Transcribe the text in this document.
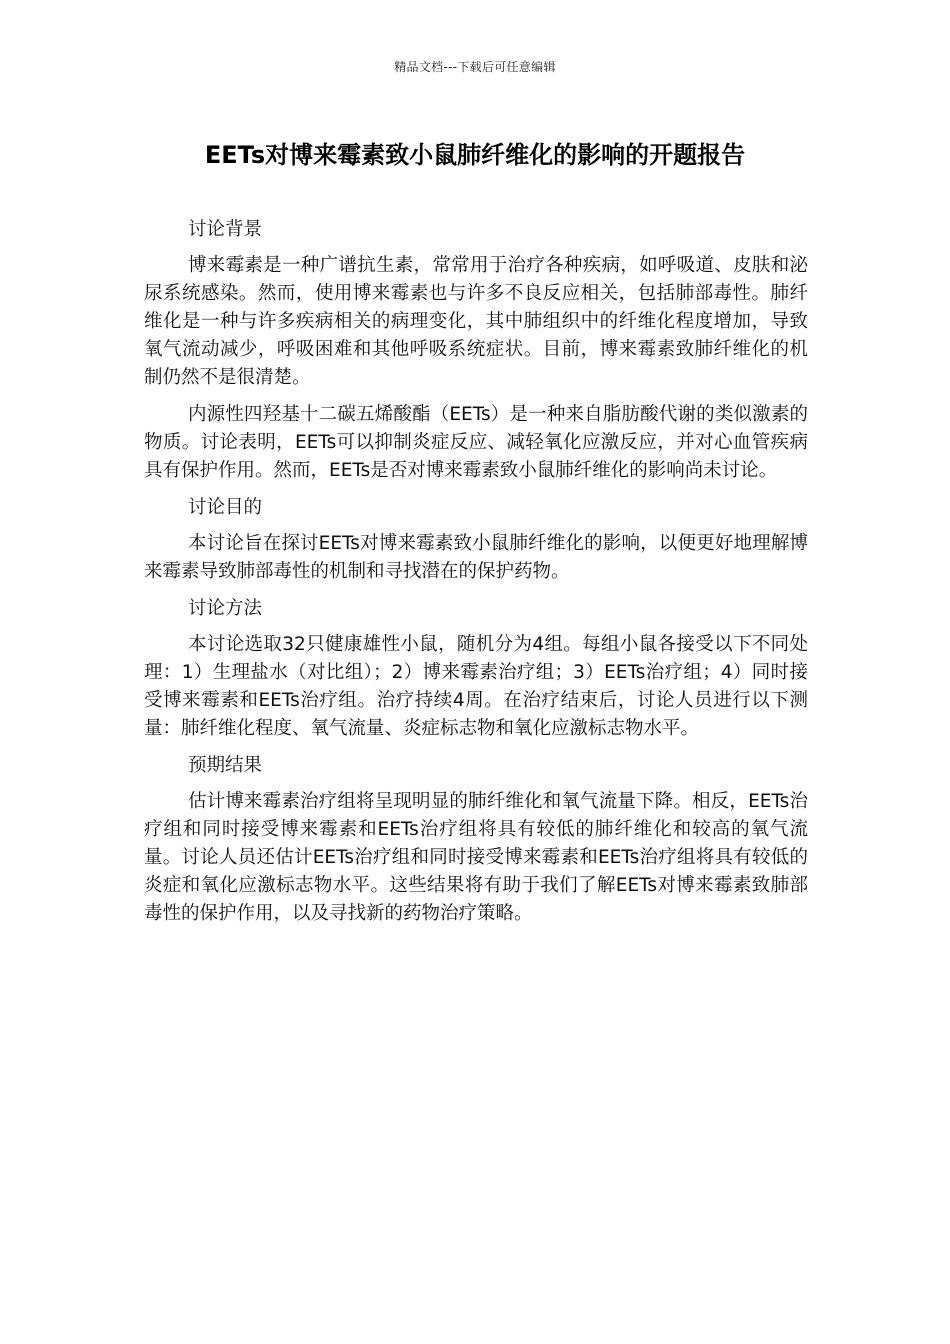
精品文档---下载后可任意编辑
EETs对博来霉素致小鼠肺纤维化的影响的开题报告
讨论背景

博来霉素是一种广谱抗生素，常常用于治疗各种疾病，如呼吸道、皮肤和泌尿系统感染。然而，使用博来霉素也与许多不良反应相关，包括肺部毒性。肺纤维化是一种与许多疾病相关的病理变化，其中肺组织中的纤维化程度增加，导致氧气流动减少，呼吸困难和其他呼吸系统症状。目前，博来霉素致肺纤维化的机制仍然不是很清楚。

内源性四羟基十二碳五烯酸酯（EETs）是一种来自脂肪酸代谢的类似激素的物质。讨论表明，EETs可以抑制炎症反应、减轻氧化应激反应，并对心血管疾病具有保护作用。然而，EETs是否对博来霉素致小鼠肺纤维化的影响尚未讨论。

讨论目的

本讨论旨在探讨EETs对博来霉素致小鼠肺纤维化的影响，以便更好地理解博来霉素导致肺部毒性的机制和寻找潜在的保护药物。

讨论方法

本讨论选取32只健康雄性小鼠，随机分为4组。每组小鼠各接受以下不同处理：1）生理盐水（对比组）；2）博来霉素治疗组；3）EETs治疗组；4）同时接受博来霉素和EETs治疗组。治疗持续4周。在治疗结束后，讨论人员进行以下测量：肺纤维化程度、氧气流量、炎症标志物和氧化应激标志物水平。

预期结果

估计博来霉素治疗组将呈现明显的肺纤维化和氧气流量下降。相反，EETs治疗组和同时接受博来霉素和EETs治疗组将具有较低的肺纤维化和较高的氧气流量。讨论人员还估计EETs治疗组和同时接受博来霉素和EETs治疗组将具有较低的炎症和氧化应激标志物水平。这些结果将有助于我们了解EETs对博来霉素致肺部毒性的保护作用，以及寻找新的药物治疗策略。
